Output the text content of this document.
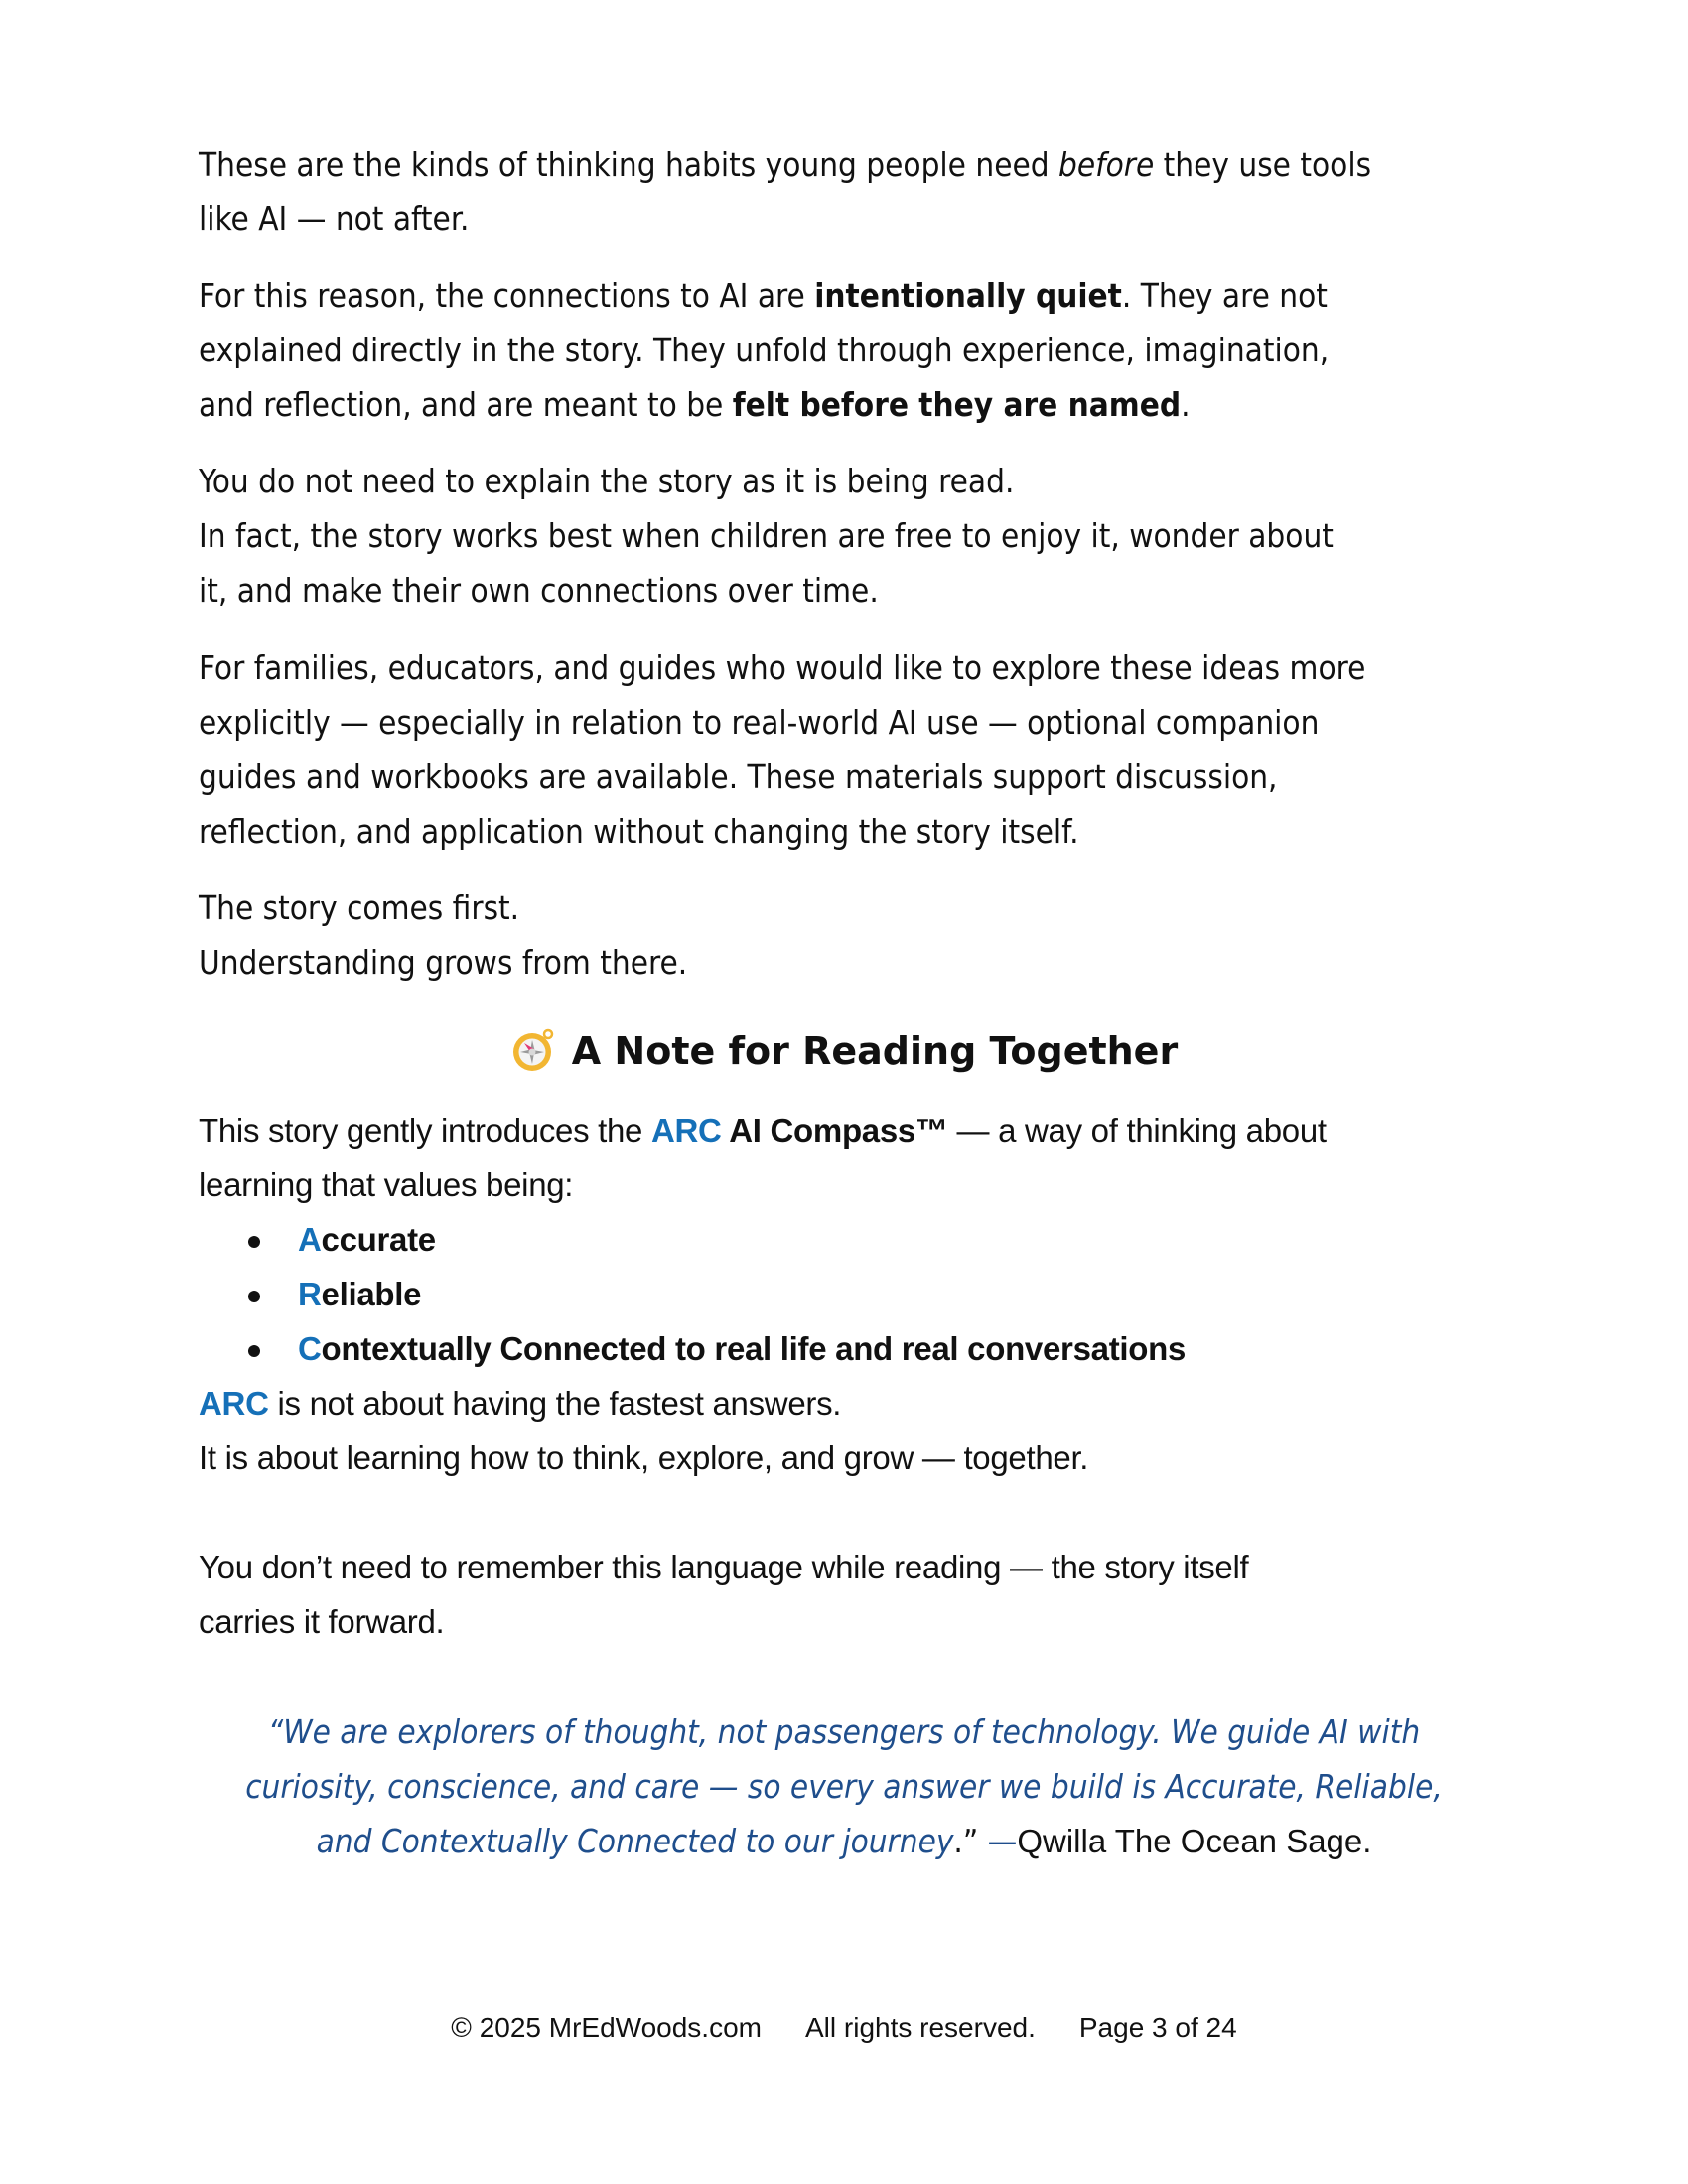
These are the kinds of thinking habits young people need before they use tools
like AI — not after.
For this reason, the connections to AI are intentionally quiet. They are not
explained directly in the story. They unfold through experience, imagination,
and reflection, and are meant to be felt before they are named.
You do not need to explain the story as it is being read.
In fact, the story works best when children are free to enjoy it, wonder about
it, and make their own connections over time.
For families, educators, and guides who would like to explore these ideas more
explicitly — especially in relation to real-world AI use — optional companion
guides and workbooks are available. These materials support discussion,
reflection, and application without changing the story itself.
The story comes first.
Understanding grows from there.
A Note for Reading Together
This story gently introduces the ARC AI Compass™ — a way of thinking about
learning that values being:
Accurate
Reliable
Contextually Connected to real life and real conversations
ARC is not about having the fastest answers.
It is about learning how to think, explore, and grow — together.
You don’t need to remember this language while reading — the story itself
carries it forward.
“We are explorers of thought, not passengers of technology. We guide AI with
curiosity, conscience, and care — so every answer we build is Accurate, Reliable,
and Contextually Connected to our journey.” —Qwilla The Ocean Sage.
© 2025 MrEdWoods.com All rights reserved. Page 3 of 24
